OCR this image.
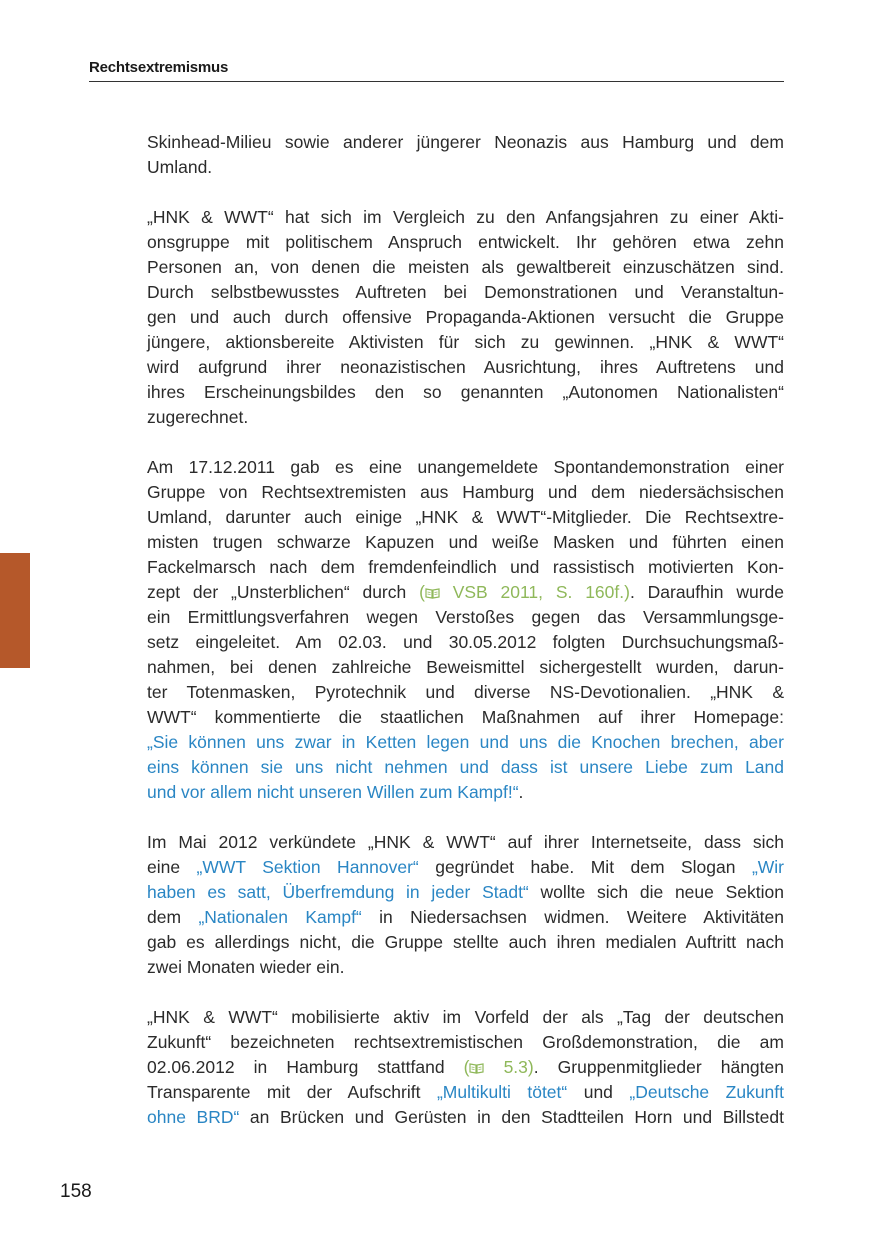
Rechtsextremismus

Skinhead-Milieu sowie anderer jüngerer Neonazis aus Hamburg und dem
Umland.

„HNK & WWT“ hat sich im Vergleich zu den Anfangsjahren zu einer Akti-
onsgruppe mit politischem Anspruch entwickelt. Ihr gehören etwa zehn
Personen an, von denen die meisten als gewaltbereit einzuschätzen sind.
Durch selbstbewusstes Auftreten bei Demonstrationen und Veranstaltun-
gen und auch durch offensive Propaganda-Aktionen versucht die Gruppe
jüngere, aktionsbereite Aktivisten für sich zu gewinnen. „HNK & WWT“
wird aufgrund ihrer neonazistischen Ausrichtung, ihres Auftretens und
ihres Erscheinungsbildes den so genannten „Autonomen Nationalisten“
zugerechnet.

Am 17.12.2011 gab es eine unangemeldete Spontandemonstration einer
Gruppe von Rechtsextremisten aus Hamburg und dem niedersächsischen
Umland, darunter auch einige „HNK & WWT“-Mitglieder. Die Rechtsextre-
misten trugen schwarze Kapuzen und weiße Masken und führten einen
Fackelmarsch nach dem fremdenfeindlich und rassistisch motivierten Kon-
zept der „Unsterblichen“ durch (
VSB 2011, S. 160f.). Daraufhin wurde
ein Ermittlungsverfahren wegen Verstoßes gegen das Versammlungsge-
setz eingeleitet. Am 02.03. und 30.05.2012 folgten Durchsuchungsmaß-
nahmen, bei denen zahlreiche Beweismittel sichergestellt wurden, darun-
ter Totenmasken, Pyrotechnik und diverse NS-Devotionalien. „HNK &
WWT“ kommentierte die staatlichen Maßnahmen auf ihrer Homepage:
„Sie können uns zwar in Ketten legen und uns die Knochen brechen, aber
eins können sie uns nicht nehmen und dass ist unsere Liebe zum Land
und vor allem nicht unseren Willen zum Kampf!“.

Im Mai 2012 verkündete „HNK & WWT“ auf ihrer Internetseite, dass sich
eine „WWT Sektion Hannover“ gegründet habe. Mit dem Slogan „Wir
haben es satt, Überfremdung in jeder Stadt“ wollte sich die neue Sektion
dem „Nationalen Kampf“ in Niedersachsen widmen. Weitere Aktivitäten
gab es allerdings nicht, die Gruppe stellte auch ihren medialen Auftritt nach
zwei Monaten wieder ein.

„HNK & WWT“ mobilisierte aktiv im Vorfeld der als „Tag der deutschen
Zukunft“ bezeichneten rechtsextremistischen Großdemonstration, die am
02.06.2012 in Hamburg stattfand (
5.3). Gruppenmitglieder hängten
Transparente mit der Aufschrift „Multikulti tötet“ und „Deutsche Zukunft
ohne BRD“ an Brücken und Gerüsten in den Stadtteilen Horn und Billstedt

158
